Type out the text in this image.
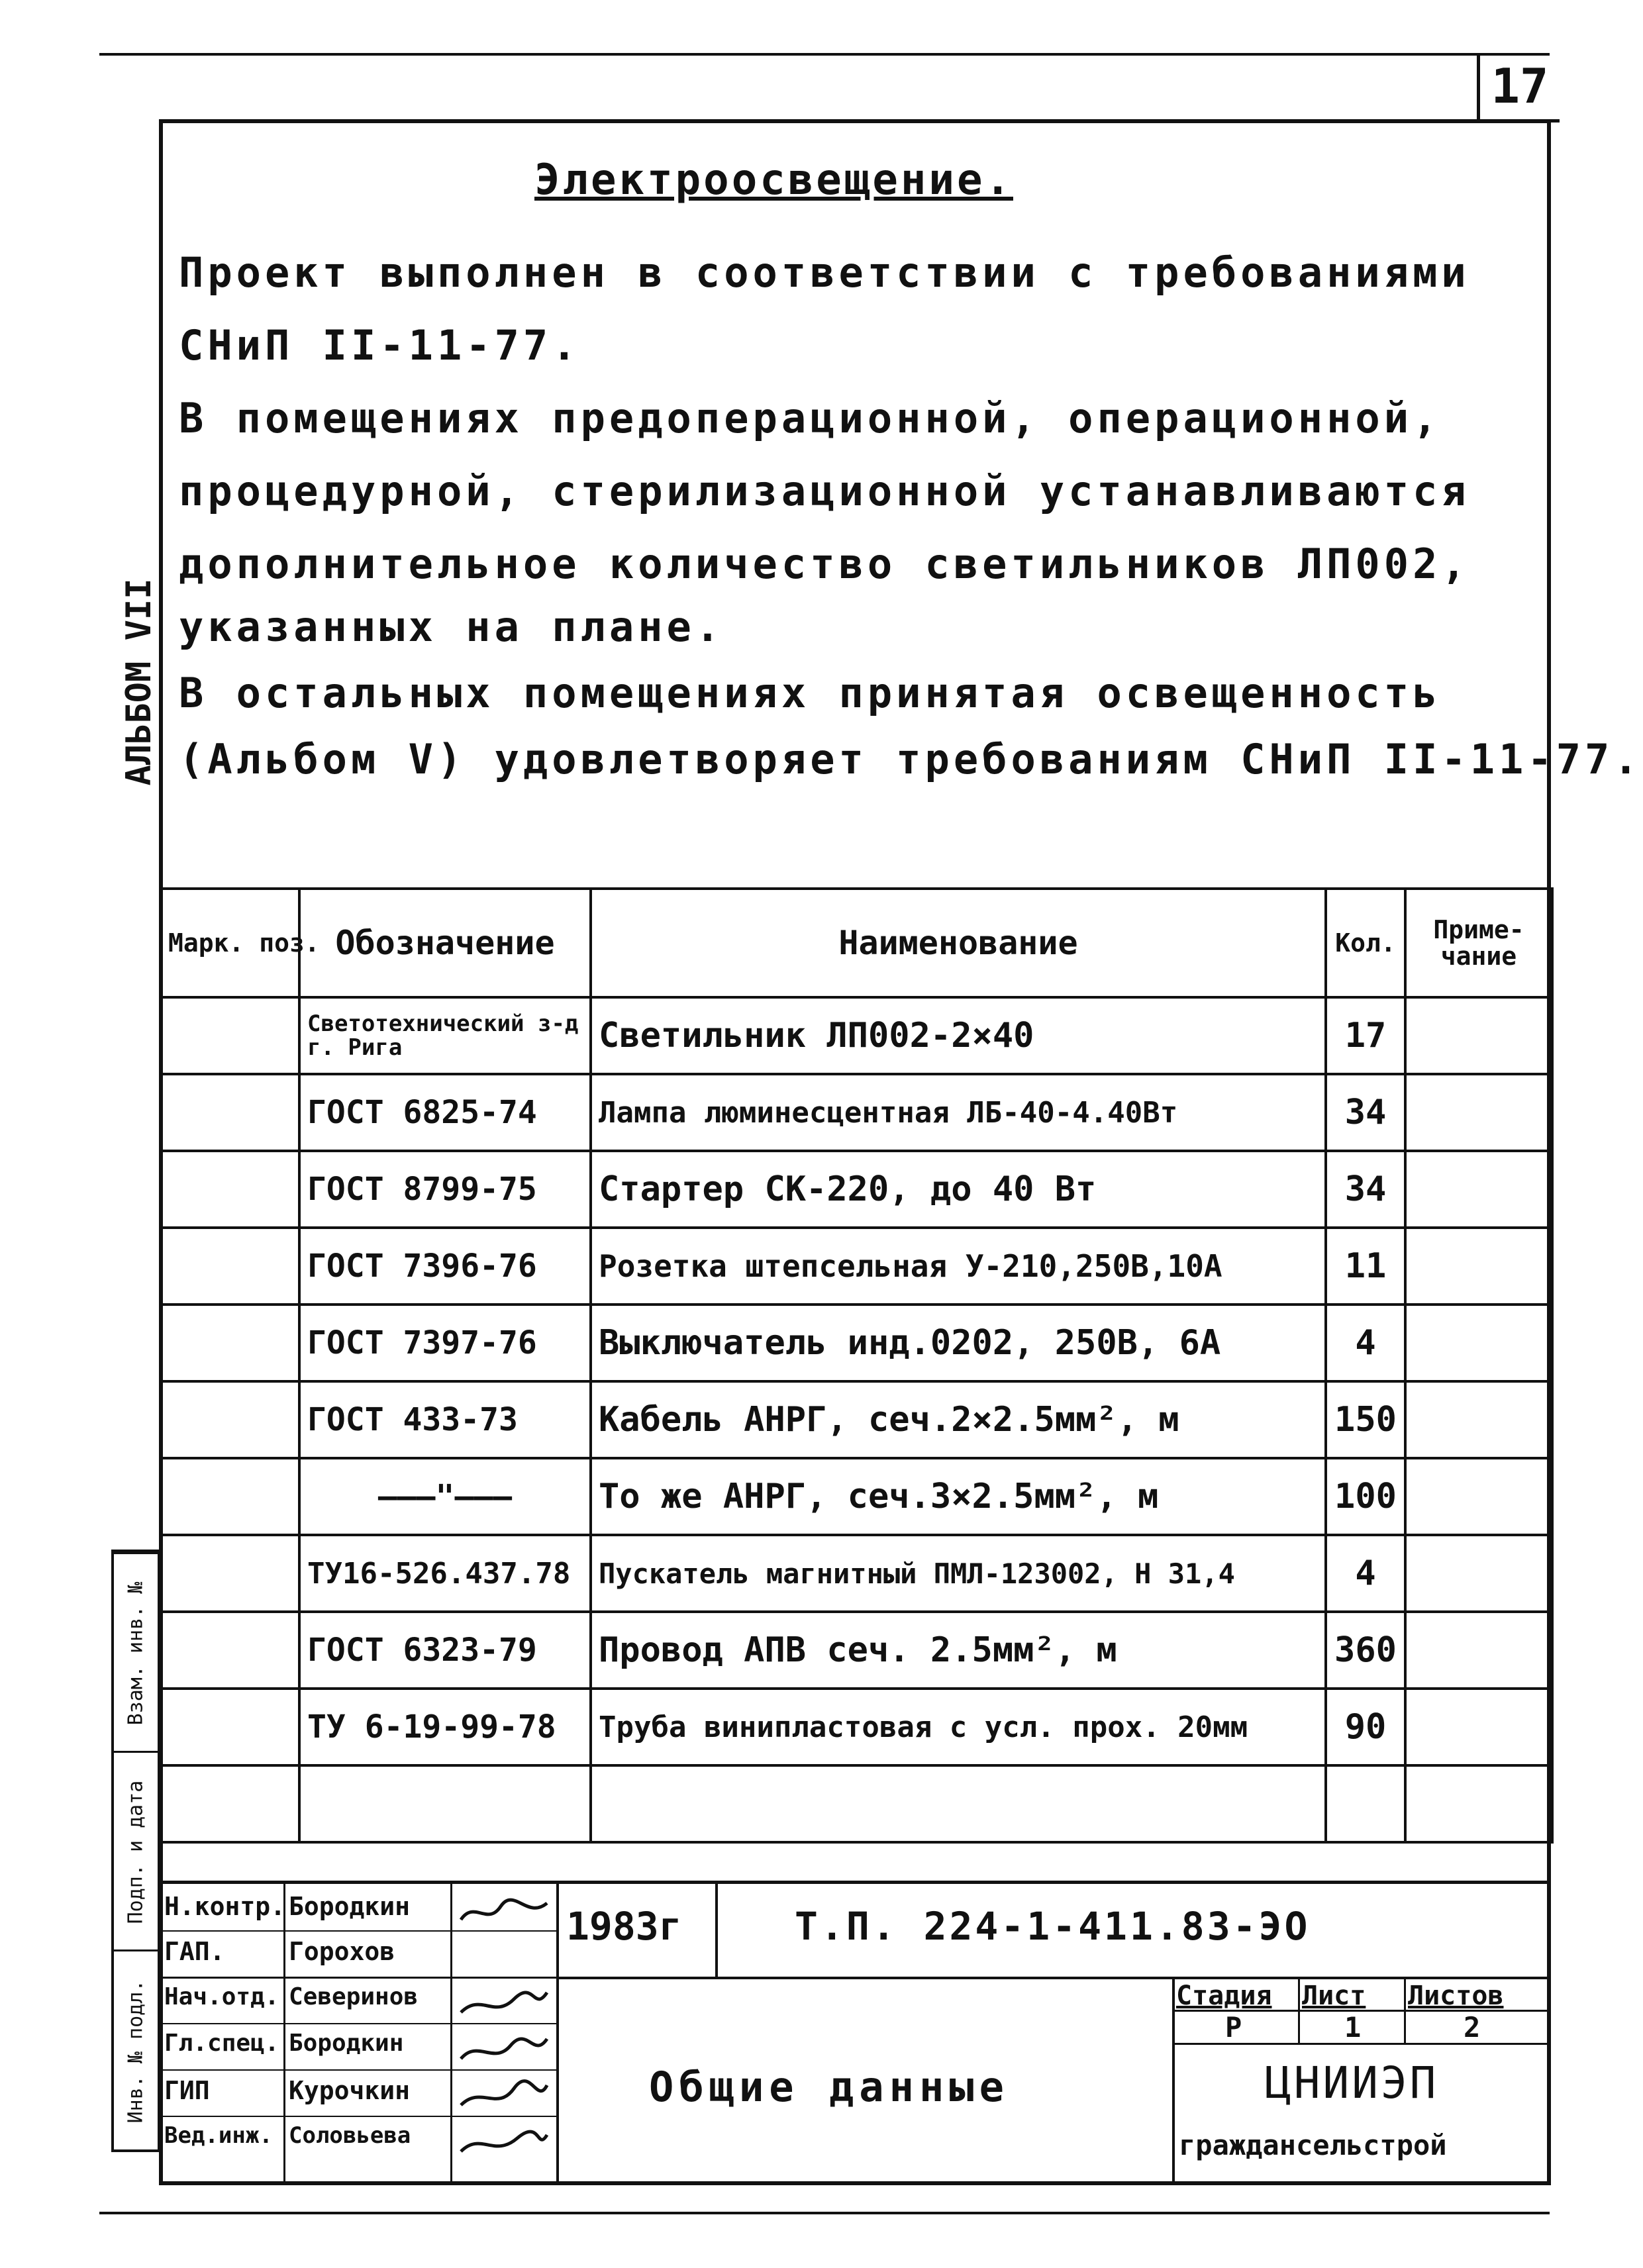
17
АЛЬБОМ VII
Взам. инв. №
Подп. и дата
Инв. № подл.
Электроосвещение.
Проект выполнен в соответствии с требованиями
СНиП II-11-77.
В помещениях предоперационной, операционной,
процедурной, стерилизационной устанавливаются
дополнительное количество светильников ЛП002,
указанных на плане.
В остальных помещениях принятая освещенность
(Альбом V) удовлетворяет требованиям СНиП II-11-77.
Марк. поз.	Обозначение	Наименование	Кол.	Приме-чание
	Светотехнический з-д г. Рига	Светильник ЛП002-2×40	17	
	ГОСТ 6825-74	Лампа люминесцентная ЛБ-40-4.40Вт	34	
	ГОСТ 8799-75	Стартер СК-220, до 40 Вт	34	
	ГОСТ 7396-76	Розетка штепсельная У-210,250В,10А	11	
	ГОСТ 7397-76	Выключатель инд.0202, 250В, 6А	4	
	ГОСТ 433-73	Кабель АНРГ, сеч.2×2.5мм², м	150	
	———"———	То же АНРГ, сеч.3×2.5мм², м	100	
	ТУ16-526.437.78	Пускатель магнитный ПМЛ-123002, Н 31,4	4	
	ГОСТ 6323-79	Провод АПВ сеч. 2.5мм², м	360	
	ТУ 6-19-99-78	Труба винипластовая с усл. прох. 20мм	90	

Н.контр. Бородкин
ГАП.	Горохов
Нач.отд. Северинов
Гл.спец. Бородкин
ГИП	Курочкин
Вед.инж. Соловьева
1983г	Т.П. 224-1-411.83-ЭО
Общие данные
Стадия Лист Листов
Р	1	2
ЦНИИЭП
гражданcельстрой
